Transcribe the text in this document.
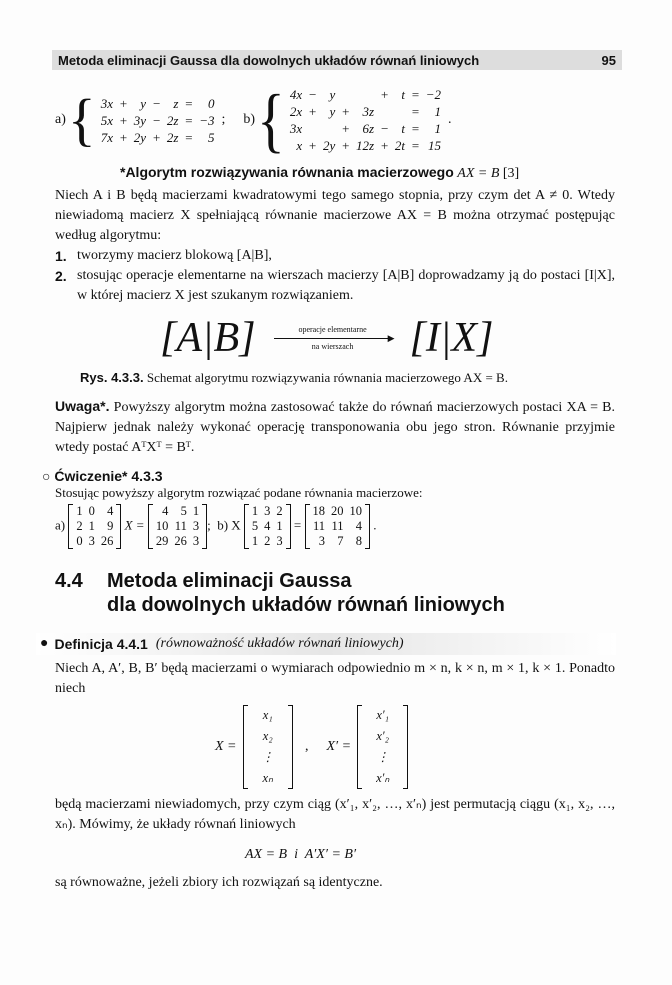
Metoda eliminacji Gaussa dla dowolnych układów równań liniowych	95
a) { 3x	+	y	−	z	=	0
5x	+	3y	−	2z	=	−3
7x	+	2y	+	2z	=	5
; b) { 4x	−	y			+	t	=	−2
2x	+	y	+	3z			=	1
3x			+	6z	−	t	=	1
x	+	2y	+	12z	+	2t	=	15
.
*Algorytm rozwiązywania równania macierzowego AX = B [3]
Niech A i B będą macierzami kwadratowymi tego samego stopnia, przy czym det A ≠ 0. Wtedy niewiadomą macierz X spełniającą równanie macierzowe AX = B można otrzymać postępując według algorytmu:
1. tworzymy macierz blokową [A|B],
2. stosując operacje elementarne na wierszach macierzy [A|B] doprowadzamy ją do postaci [I|X], w której macierz X jest szukanym rozwiązaniem.
[A|B]	operacje elementarne
▶
na wierszach	[I|X]
Rys. 4.3.3. Schemat algorytmu rozwiązywania równania macierzowego AX = B.
Uwaga*. Powyższy algorytm można zastosować także do równań macierzowych postaci XA = B. Najpierw jednak należy wykonać operację transponowania obu jego stron. Równanie przyjmie wtedy postać AᵀXᵀ = Bᵀ.
○ Ćwiczenie* 4.3.3
Stosując powyższy algorytm rozwiązać podane równania macierzowe:
a)
1	0	4
2	1	9
0	3	26
X =
4	5	1
10	11	3
29	26	3
; b) X
1	3	2
5	4	1
1	2	3
=
18	20	10
11	11	4
3	7	8
.
4.4	Metoda eliminacji Gaussa
dla dowolnych układów równań liniowych
● Definicja 4.4.1 (równoważność układów równań liniowych)
Niech A, A′, B, B′ będą macierzami o wymiarach odpowiednio m × n, k × n, m × 1, k × 1. Ponadto niech
X =
x₁
x₂
⋮
xₙ
, X′ =
x′₁
x′₂
⋮
x′ₙ
będą macierzami niewiadomych, przy czym ciąg (x′₁, x′₂, …, x′ₙ) jest permutacją ciągu (x₁, x₂, …, xₙ). Mówimy, że układy równań liniowych
AX = B  i  A′X′ = B′
są równoważne, jeżeli zbiory ich rozwiązań są identyczne.
